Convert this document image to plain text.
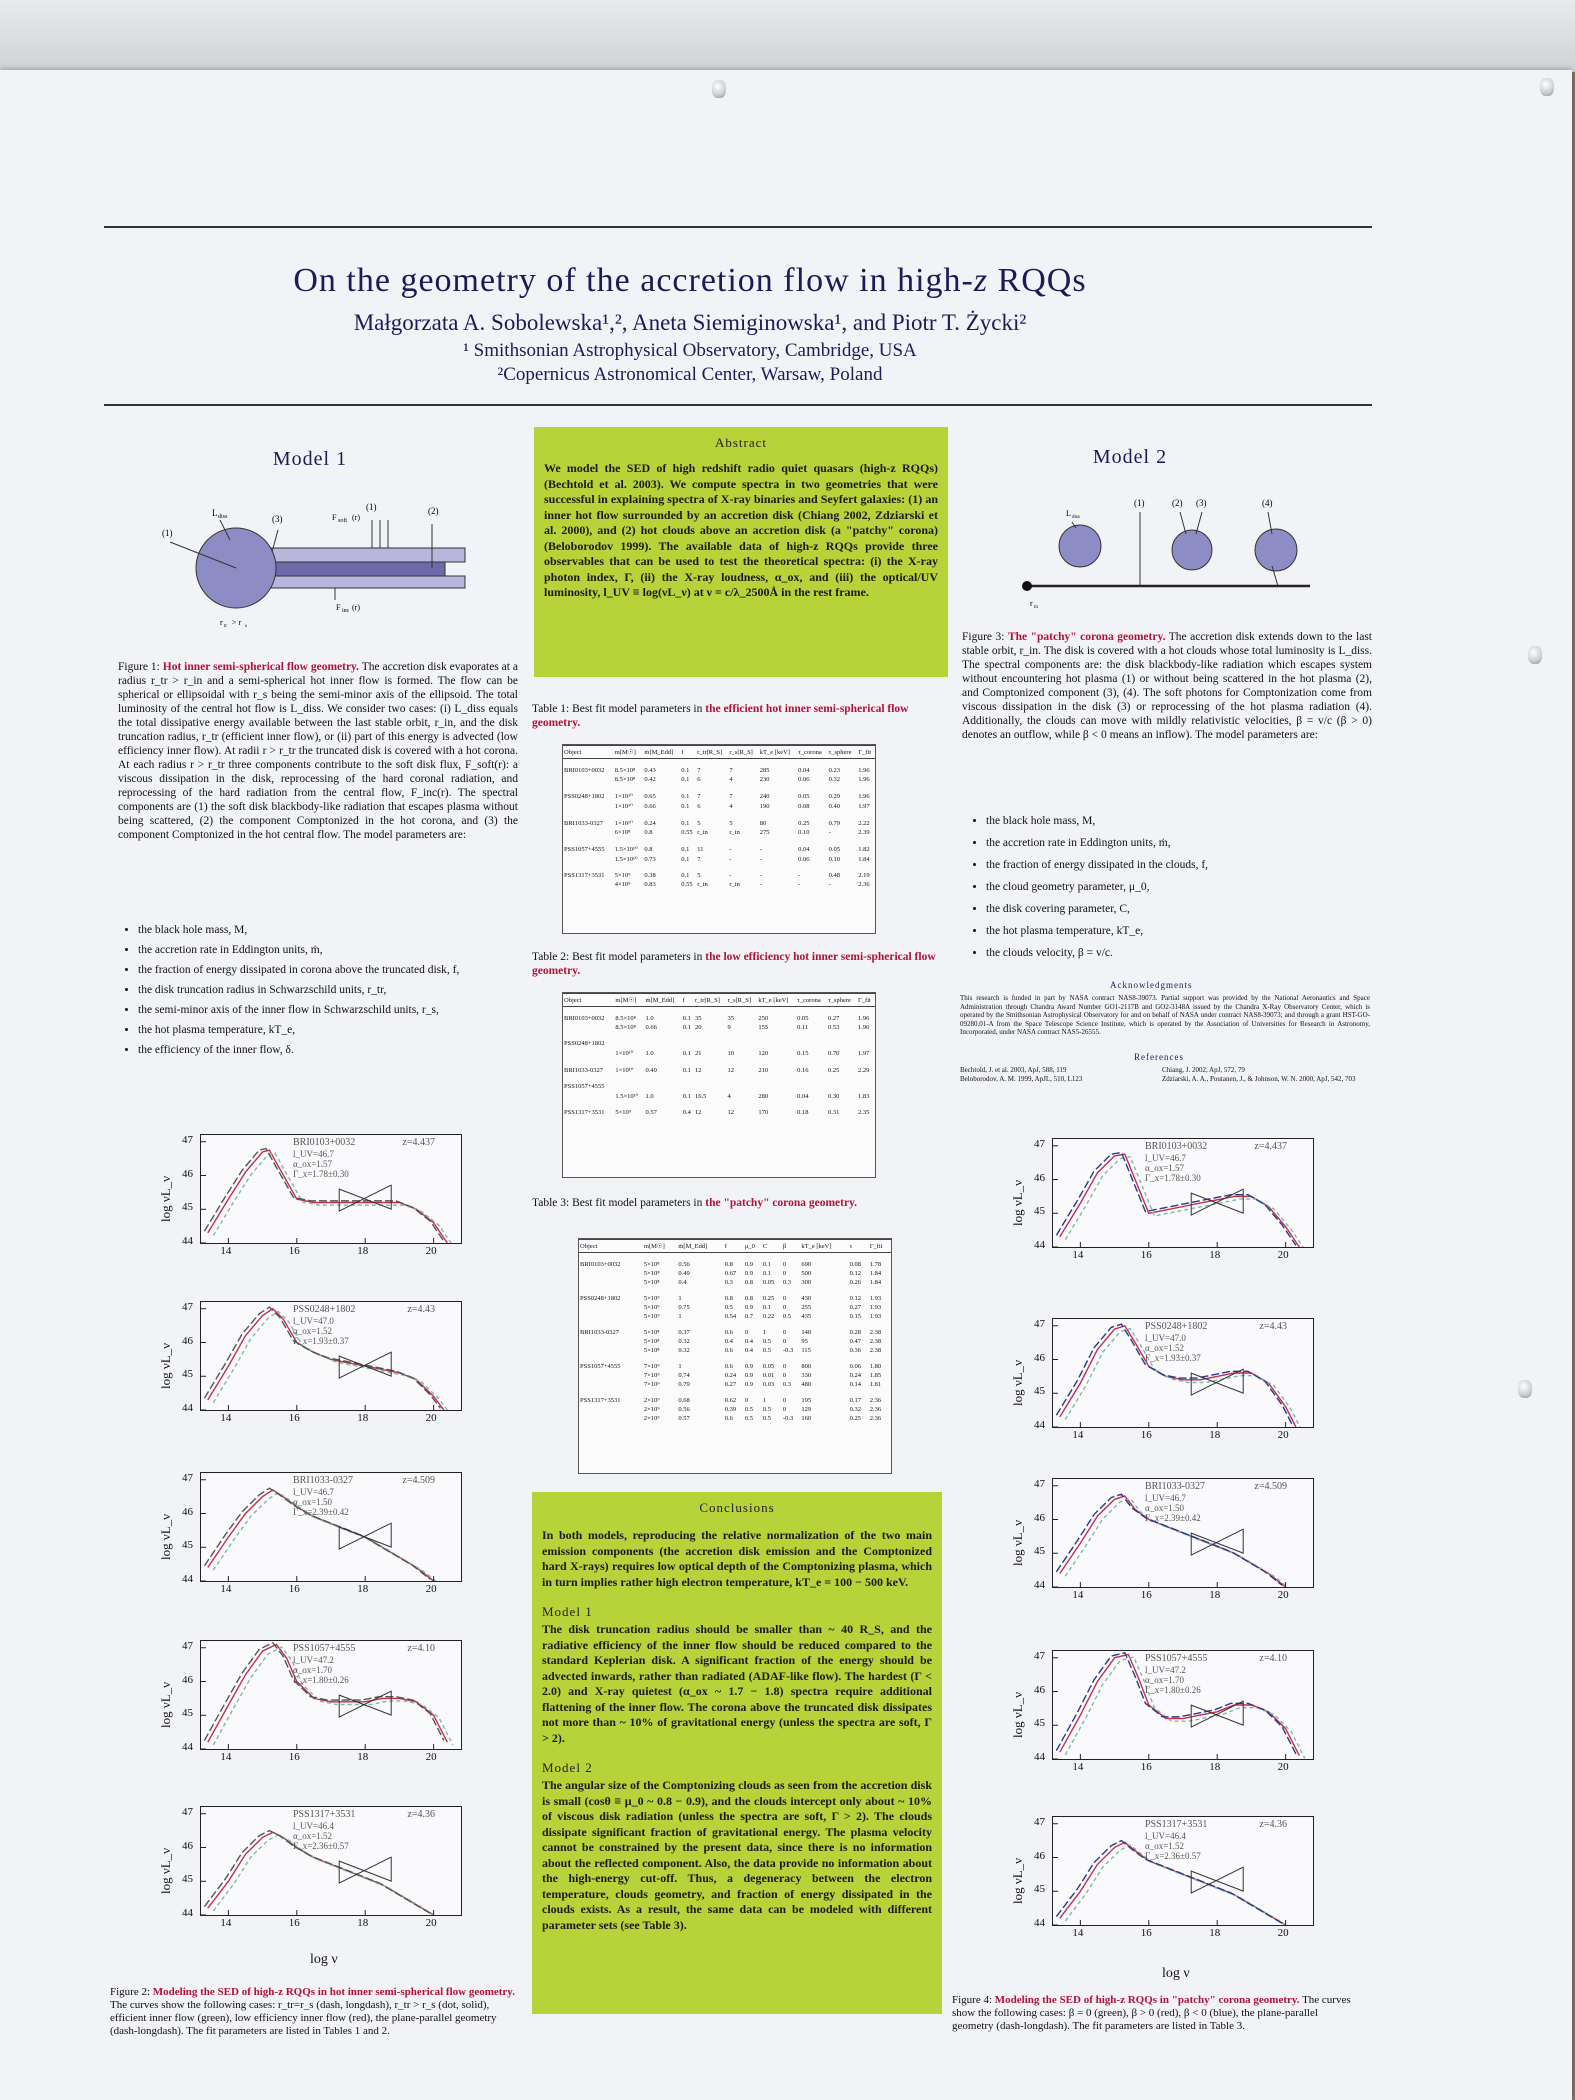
On the geometry of the accretion flow in high-z RQQs
Małgorzata A. Sobolewska¹,², Aneta Siemiginowska¹, and Piotr T. Życki²
¹ Smithsonian Astrophysical Observatory, Cambridge, USA
²Copernicus Astronomical Center, Warsaw, Poland
Model 1
L diss	(3)
(1)
F soft (r)
(1)	(2)
F inc (r)
r tr > r s
Figure 1: Hot inner semi-spherical flow geometry. The accretion disk evaporates at a radius r_tr > r_in and a semi-spherical hot inner flow is formed. The flow can be spherical or ellipsoidal with r_s being the semi-minor axis of the ellipsoid. The total luminosity of the central hot flow is L_diss. We consider two cases: (i) L_diss equals the total dissipative energy available between the last stable orbit, r_in, and the disk truncation radius, r_tr (efficient inner flow), or (ii) part of this energy is advected (low efficiency inner flow). At radii r > r_tr the truncated disk is covered with a hot corona. At each radius r > r_tr three components contribute to the soft disk flux, F_soft(r): a viscous dissipation in the disk, reprocessing of the hard coronal radiation, and reprocessing of the hard radiation from the central flow, F_inc(r). The spectral components are (1) the soft disk blackbody-like radiation that escapes plasma without being scattered, (2) the component Comptonized in the hot corona, and (3) the component Comptonized in the hot central flow. The model parameters are:
• the black hole mass, M,
• the accretion rate in Eddington units, ṁ,
• the fraction of energy dissipated in corona above the truncated disk, f,
• the disk truncation radius in Schwarzschild units, r_tr,
• the semi-minor axis of the inner flow in Schwarzschild units, r_s,
• the hot plasma temperature, kT_e,
• the efficiency of the inner flow, δ.
Abstract
We model the SED of high redshift radio quiet quasars (high-z RQQs) (Bechtold et al. 2003). We compute spectra in two geometries that were successful in explaining spectra of X-ray binaries and Seyfert galaxies: (1) an inner hot flow surrounded by an accretion disk (Chiang 2002, Zdziarski et al. 2000), and (2) hot clouds above an accretion disk (a "patchy" corona) (Beloborodov 1999). The available data of high-z RQQs provide three observables that can be used to test the theoretical spectra: (i) the X-ray photon index, Γ, (ii) the X-ray loudness, α_ox, and (iii) the optical/UV luminosity, l_UV ≡ log(νL_ν) at ν = c/λ_2500Å in the rest frame.
Table 1: Best fit model parameters in the efficient hot inner semi-spherical flow geometry.
Object	m[M☉]	ṁ[M_Edd]	f	r_tr[R_S]	r_s[R_S]	kT_e [keV]	τ_corona	τ_sphere	Γ_fit
BRI0103+0032	8.5×10⁸	0.43	0.1	7	7	285	0.04	0.23	1.96
	8.5×10⁸	0.42	0.1	6	4	230	0.06	0.32	1.96
PSS0248+1802	1×10¹⁰	0.65	0.1	7	7	240	0.05	0.29	1.96
	1×10¹⁰	0.66	0.1	6	4	190	0.08	0.40	1.97
BRI1033-0327	1×10¹⁰	0.24	0.1	5	5	80	0.25	0.79	2.22
	6×10⁸	0.8	0.55	r_in	r_in	275	0.10	-	2.39
PSS1057+4555	1.5×10¹⁰	0.8	0.1	11	-	-	0.04	0.05	1.82
	1.5×10¹⁰	0.73	0.1	7	-	-	0.06	0.10	1.84
PSS1317+3531	5×10⁹	0.38	0.1	5	-	-	-	0.48	2.19
	4×10⁹	0.83	0.55	r_in	r_in	-	-	-	2.36
Table 2: Best fit model parameters in the low efficiency hot inner semi-spherical flow geometry.
Object	m[M☉]	ṁ[M_Edd]	f	r_tr[R_S]	r_s[R_S]	kT_e [keV]	τ_corona	τ_sphere	Γ_fit
BRI0103+0032	8.5×10⁸	1.0	0.1	35	35	250	0.05	0.27	1.96
	8.5×10⁸	0.66	0.1	20	9	155	0.11	0.53	1.96
PSS0248+1802									
	1×10¹⁰	1.0	0.1	21	10	120	0.15	0.70	1.97
BRI1033-0327	1×10¹⁰	0.49	0.1	12	12	210	0.16	0.25	2.29
PSS1057+4555									
	1.5×10¹⁰	1.0	0.1	16.5	4	280	0.04	0.30	1.83
PSS1317+3531	5×10⁹	0.57	0.4	12	12	170	0.18	0.31	2.35
Table 3: Best fit model parameters in the "patchy" corona geometry.
Object	m[M☉]	ṁ[M_Edd]	f	μ_0	C	β	kT_e [keV]	τ	Γ_fit
BRI0103+0032	5×10⁸	0.56	0.8	0.9	0.1	0	690	0.08	1.78
	5×10⁸	0.49	0.67	0.9	0.1	0	500	0.12	1.84
	5×10⁸	0.4	0.3	0.8	0.05	0.3	300	0.26	1.84
PSS0248+1802	5×10⁹	1	0.8	0.8	0.25	0	430	0.12	1.93
	5×10⁹	0.75	0.5	0.9	0.1	0	255	0.27	1.93
	5×10⁹	1	0.54	0.7	0.22	0.5	435	0.15	1.93
BRI1033-0327	5×10⁸	0.37	0.6	0	1	0	140	0.28	2.38
	5×10⁸	0.32	0.4	0.4	0.5	0	95	0.47	2.38
	5×10⁸	0.32	0.6	0.4	0.5	-0.3	115	0.36	2.38
PSS1057+4555	7×10⁹	1	0.6	0.9	0.05	0	800	0.06	1.80
	7×10⁹	0.74	0.24	0.9	0.01	0	330	0.24	1.85
	7×10⁹	0.79	0.27	0.9	0.03	0.3	480	0.14	1.81
PSS1317+3531	2×10⁹	0.68	0.62	0	1	0	195	0.17	2.36
	2×10⁹	0.56	0.39	0.5	0.5	0	129	0.32	2.36
	2×10⁹	0.57	0.6	0.5	0.5	-0.3	160	0.25	2.36
Conclusions
In both models, reproducing the relative normalization of the two main emission components (the accretion disk emission and the Comptonized hard X-rays) requires low optical depth of the Comptonizing plasma, which in turn implies rather high electron temperature, kT_e = 100 − 500 keV.
Model 1
The disk truncation radius should be smaller than ~ 40 R_S, and the radiative efficiency of the inner flow should be reduced compared to the standard Keplerian disk. A significant fraction of the energy should be advected inwards, rather than radiated (ADAF-like flow). The hardest (Γ < 2.0) and X-ray quietest (α_ox ~ 1.7 − 1.8) spectra require additional flattening of the inner flow. The corona above the truncated disk dissipates not more than ~ 10% of gravitational energy (unless the spectra are soft, Γ > 2).
Model 2
The angular size of the Comptonizing clouds as seen from the accretion disk is small (cosθ ≡ μ_0 ~ 0.8 − 0.9), and the clouds intercept only about ~ 10% of viscous disk radiation (unless the spectra are soft, Γ > 2). The clouds dissipate significant fraction of gravitational energy. The plasma velocity cannot be constrained by the present data, since there is no information about the reflected component. Also, the data provide no information about the high-energy cut-off. Thus, a degeneracy between the electron temperature, clouds geometry, and fraction of energy dissipated in the clouds exists. As a result, the same data can be modeled with different parameter sets (see Table 3).
Model 2
L diss
(1)	(2) (3)	(4)
r in
Figure 3: The "patchy" corona geometry. The accretion disk extends down to the last stable orbit, r_in. The disk is covered with a hot clouds whose total luminosity is L_diss. The spectral components are: the disk blackbody-like radiation which escapes system without encountering hot plasma (1) or without being scattered in the hot plasma (2), and Comptonized component (3), (4). The soft photons for Comptonization come from viscous dissipation in the disk (3) or reprocessing of the hot plasma radiation (4). Additionally, the clouds can move with mildly relativistic velocities, β = v/c (β > 0) denotes an outflow, while β < 0 means an inflow). The model parameters are:
• the black hole mass, M,
• the accretion rate in Eddington units, ṁ,
• the fraction of energy dissipated in the clouds, f,
• the cloud geometry parameter, μ_0,
• the disk covering parameter, C,
• the hot plasma temperature, kT_e,
• the clouds velocity, β = v/c.
Acknowledgments
This research is funded in part by NASA contract NAS8-39073. Partial support was provided by the National Aeronautics and Space Administration through Chandra Award Number GO1-2117B and GO2-3148A issued by the Chandra X-Ray Observatory Center, which is operated by the Smithsonian Astrophysical Observatory for and on behalf of NASA under contract NAS8-39073; and through a grant HST-GO-09280.01-A from the Space Telescope Science Institute, which is operated by the Association of Universities for Research in Astronomy, Incorporated, under NASA contract NAS5-26555.
References
Bechtold, J. et al. 2003, ApJ, 588, 119
Beloborodov, A. M. 1999, ApJL, 510, L123
Chiang, J. 2002, ApJ, 572, 79
Zdziarski, A. A., Poutanen, J., & Johnson, W. N. 2000, ApJ, 542, 703
BRI0103+0032	z=4.437
l_UV=46.7
α_ox=1.57
Γ_x=1.78±0.30
47
46
45
44
14	16	18	20
log νL_ν
PSS0248+1802	z=4.43
l_UV=47.0
α_ox=1.52
Γ_x=1.93±0.37
47
46
45
44
14	16	18	20
log νL_ν
BRI1033-0327	z=4.509
l_UV=46.7
α_ox=1.50
Γ_x=2.39±0.42
47
46
45
44
14	16	18	20
log νL_ν
PSS1057+4555	z=4.10
l_UV=47.2
α_ox=1.70
Γ_x=1.80±0.26
47
46
45
44
14	16	18	20
log νL_ν
PSS1317+3531	z=4.36
l_UV=46.4
α_ox=1.52
Γ_x=2.36±0.57
47
46
45
44
14	16	18	20
log νL_ν
BRI0103+0032	z=4.437
l_UV=46.7
α_ox=1.57
Γ_x=1.78±0.30
47
46
45
44
14	16	18	20
log νL_ν
PSS0248+1802	z=4.43
l_UV=47.0
α_ox=1.52
Γ_x=1.93±0.37
47
46
45
44
14	16	18	20
log νL_ν
BRI1033-0327	z=4.509
l_UV=46.7
α_ox=1.50
Γ_x=2.39±0.42
47
46
45
44
14	16	18	20
log νL_ν
PSS1057+4555	z=4.10
l_UV=47.2
α_ox=1.70
Γ_x=1.80±0.26
47
46
45
44
14	16	18	20
log νL_ν
PSS1317+3531	z=4.36
l_UV=46.4
α_ox=1.52
Γ_x=2.36±0.57
47
46
45
44
14	16	18	20
log νL_ν
log ν
log ν
Figure 2: Modeling the SED of high-z RQQs in hot inner semi-spherical flow geometry. The curves show the following cases: r_tr=r_s (dash, longdash), r_tr > r_s (dot, solid), efficient inner flow (green), low efficiency inner flow (red), the plane-parallel geometry (dash-longdash). The fit parameters are listed in Tables 1 and 2.
Figure 4: Modeling the SED of high-z RQQs in "patchy" corona geometry. The curves show the following cases: β = 0 (green), β > 0 (red), β < 0 (blue), the plane-parallel geometry (dash-longdash). The fit parameters are listed in Table 3.
